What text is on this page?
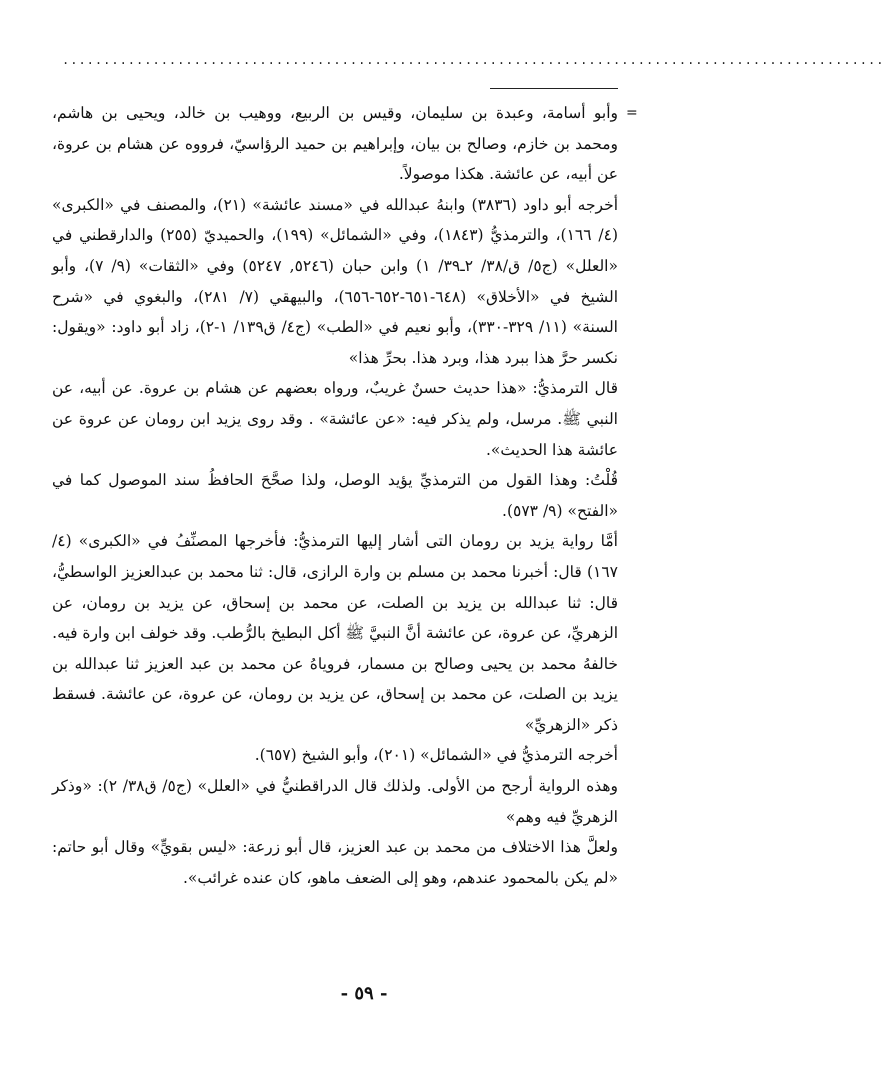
....................................................................................................
=

وأبو أسامة، وعبدة بن سليمان، وقيس بن الربيع، ووهيب بن خالد، ويحيى بن هاشم، ومحمد بن خازم، وصالح بن بيان، وإبراهيم بن حميد الرؤاسيّ، فرووه عن هشام بن عروة، عن أبيه، عن عائشة. هكذا موصولاً.

أخرجه أبو داود (٣٨٣٦) وابنهُ عبدالله في «مسند عائشة» (٢١)، والمصنف في «الكبرى» (٤/ ١٦٦)، والترمذيُّ (١٨٤٣)، وفي «الشمائل» (١٩٩)، والحميديّ (٢٥٥) والدارقطني في «العلل» (ج٥/ ق/٣٨/ ٢ـ٣٩/ ١) وابن حبان (٥٢٤٦, ٥٢٤٧) وفي «الثقات» (٩/ ٧)، وأبو الشيخ في «الأخلاق» (٦٤٨-٦٥١-٦٥٢-٦٥٦)، والبيهقي (٧/ ٢٨١)، والبغوي في «شرح السنة» (١١/ ٣٢٩-٣٣٠)، وأبو نعيم في «الطب» (ج٤/ ق١٣٩/ ١-٢)، زاد أبو داود: «ويقول: نكسر حرَّ هذا ببرد هذا، وبرد هذا. بحرِّ هذا»

قال الترمذيُّ: «هذا حديث حسنٌ غريبٌ، ورواه بعضهم عن هشام بن عروة. عن أبيه، عن النبي ﷺ. مرسل، ولم يذكر فيه: «عن عائشة» . وقد روى يزيد ابن رومان عن عروة عن عائشة هذا الحديث».

قُلْتُ: وهذا القول من الترمذيِّ يؤيد الوصل، ولذا صحَّحَ الحافظُ سند الموصول كما في «الفتح» (٩/ ٥٧٣).

أمَّا رواية يزيد بن رومان التى أشار إليها الترمذيُّ: فأخرجها المصنِّفُ في «الكبرى» (٤/ ١٦٧) قال: أخبرنا محمد بن مسلم بن وارة الرازى، قال: ثنا محمد بن عبدالعزيز الواسطيُّ، قال: ثنا عبدالله بن يزيد بن الصلت، عن محمد بن إسحاق، عن يزيد بن رومان، عن الزهريِّ، عن عروة، عن عائشة أنَّ النبيَّ ﷺ أكل البطيخ بالرُّطب. وقد خولف ابن وارة فيه.

خالفهُ محمد بن يحيى وصالح بن مسمار، فروياهُ عن محمد بن عبد العزيز ثنا عبدالله بن يزيد بن الصلت، عن محمد بن إسحاق، عن يزيد بن رومان، عن عروة، عن عائشة. فسقط ذكر «الزهريِّ»

أخرجه الترمذيُّ في «الشمائل» (٢٠١)، وأبو الشيخ (٦٥٧).

وهذه الرواية أرجح من الأولى. ولذلك قال الدراقطنيُّ في «العلل» (ج٥/ ق٣٨/ ٢): «وذكر الزهريِّ فيه وهم»

ولعلَّ هذا الاختلاف من محمد بن عبد العزيز، قال أبو زرعة: «ليس بقويٍّ» وقال أبو حاتم: «لم يكن بالمحمود عندهم، وهو إلى الضعف ماهو، كان عنده غرائب».

- ٥٩ -
